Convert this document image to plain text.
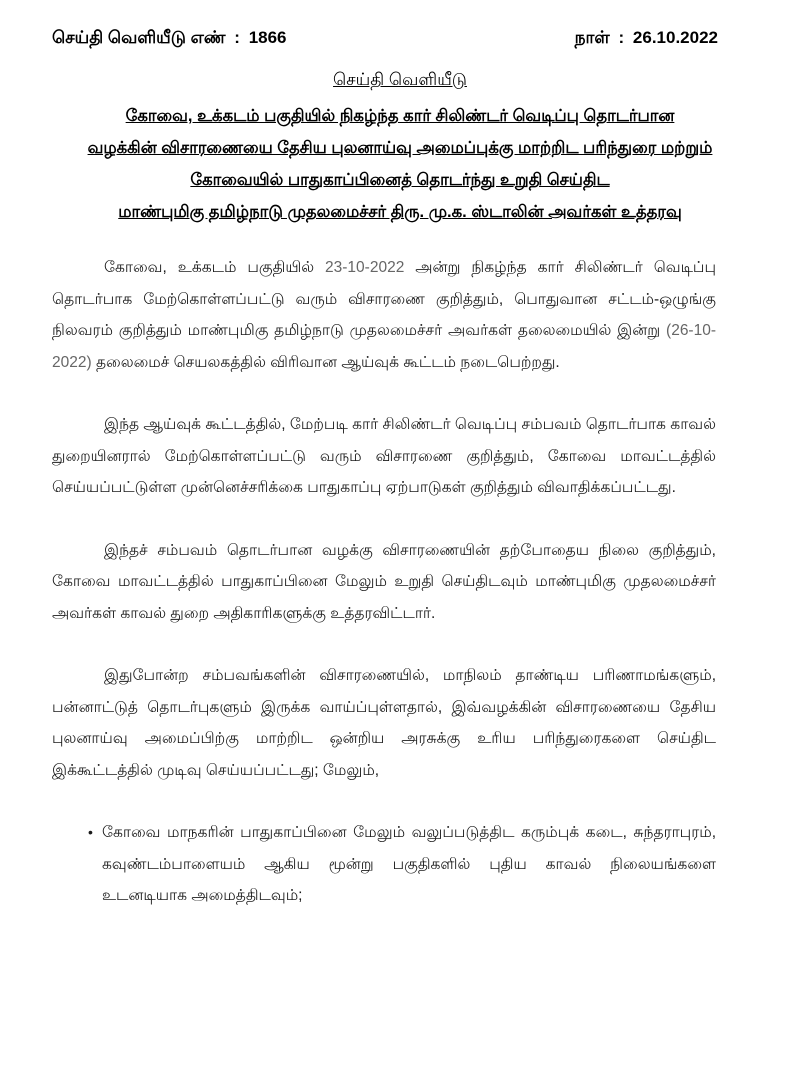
செய்தி வெளியீடு எண் : 1866	நாள் : 26.10.2022
செய்தி வெளியீடு
கோவை, உக்கடம் பகுதியில் நிகழ்ந்த கார் சிலிண்டர் வெடிப்பு தொடர்பான
வழக்கின் விசாரணையை தேசிய புலனாய்வு அமைப்புக்கு மாற்றிட பரிந்துரை மற்றும்
கோவையில் பாதுகாப்பினைத் தொடர்ந்து உறுதி செய்திட
மாண்புமிகு தமிழ்நாடு முதலமைச்சர் திரு. மு.க. ஸ்டாலின் அவர்கள் உத்தரவு

கோவை, உக்கடம் பகுதியில் 23-10-2022 அன்று நிகழ்ந்த கார் சிலிண்டர் வெடிப்பு தொடர்பாக மேற்கொள்ளப்பட்டு வரும் விசாரணை குறித்தும், பொதுவான சட்டம்-ஒழுங்கு நிலவரம் குறித்தும் மாண்புமிகு தமிழ்நாடு முதலமைச்சர் அவர்கள் தலைமையில் இன்று (26-10-2022) தலைமைச் செயலகத்தில் விரிவான ஆய்வுக் கூட்டம் நடைபெற்றது.

இந்த ஆய்வுக் கூட்டத்தில், மேற்படி கார் சிலிண்டர் வெடிப்பு சம்பவம் தொடர்பாக காவல் துறையினரால் மேற்கொள்ளப்பட்டு வரும் விசாரணை குறித்தும், கோவை மாவட்டத்தில் செய்யப்பட்டுள்ள முன்னெச்சரிக்கை பாதுகாப்பு ஏற்பாடுகள் குறித்தும் விவாதிக்கப்பட்டது.

இந்தச் சம்பவம் தொடர்பான வழக்கு விசாரணையின் தற்போதைய நிலை குறித்தும், கோவை மாவட்டத்தில் பாதுகாப்பினை மேலும் உறுதி செய்திடவும் மாண்புமிகு முதலமைச்சர் அவர்கள் காவல் துறை அதிகாரிகளுக்கு உத்தரவிட்டார்.

இதுபோன்ற சம்பவங்களின் விசாரணையில், மாநிலம் தாண்டிய பரிணாமங்களும், பன்னாட்டுத் தொடர்புகளும் இருக்க வாய்ப்புள்ளதால், இவ்வழக்கின் விசாரணையை தேசிய புலனாய்வு அமைப்பிற்கு மாற்றிட ஒன்றிய அரசுக்கு உரிய பரிந்துரைகளை செய்திட இக்கூட்டத்தில் முடிவு செய்யப்பட்டது; மேலும்,

• கோவை மாநகரின் பாதுகாப்பினை மேலும் வலுப்படுத்திட கரும்புக் கடை, சுந்தராபுரம், கவுண்டம்பாளையம் ஆகிய மூன்று பகுதிகளில் புதிய காவல் நிலையங்களை உடனடியாக அமைத்திடவும்;
